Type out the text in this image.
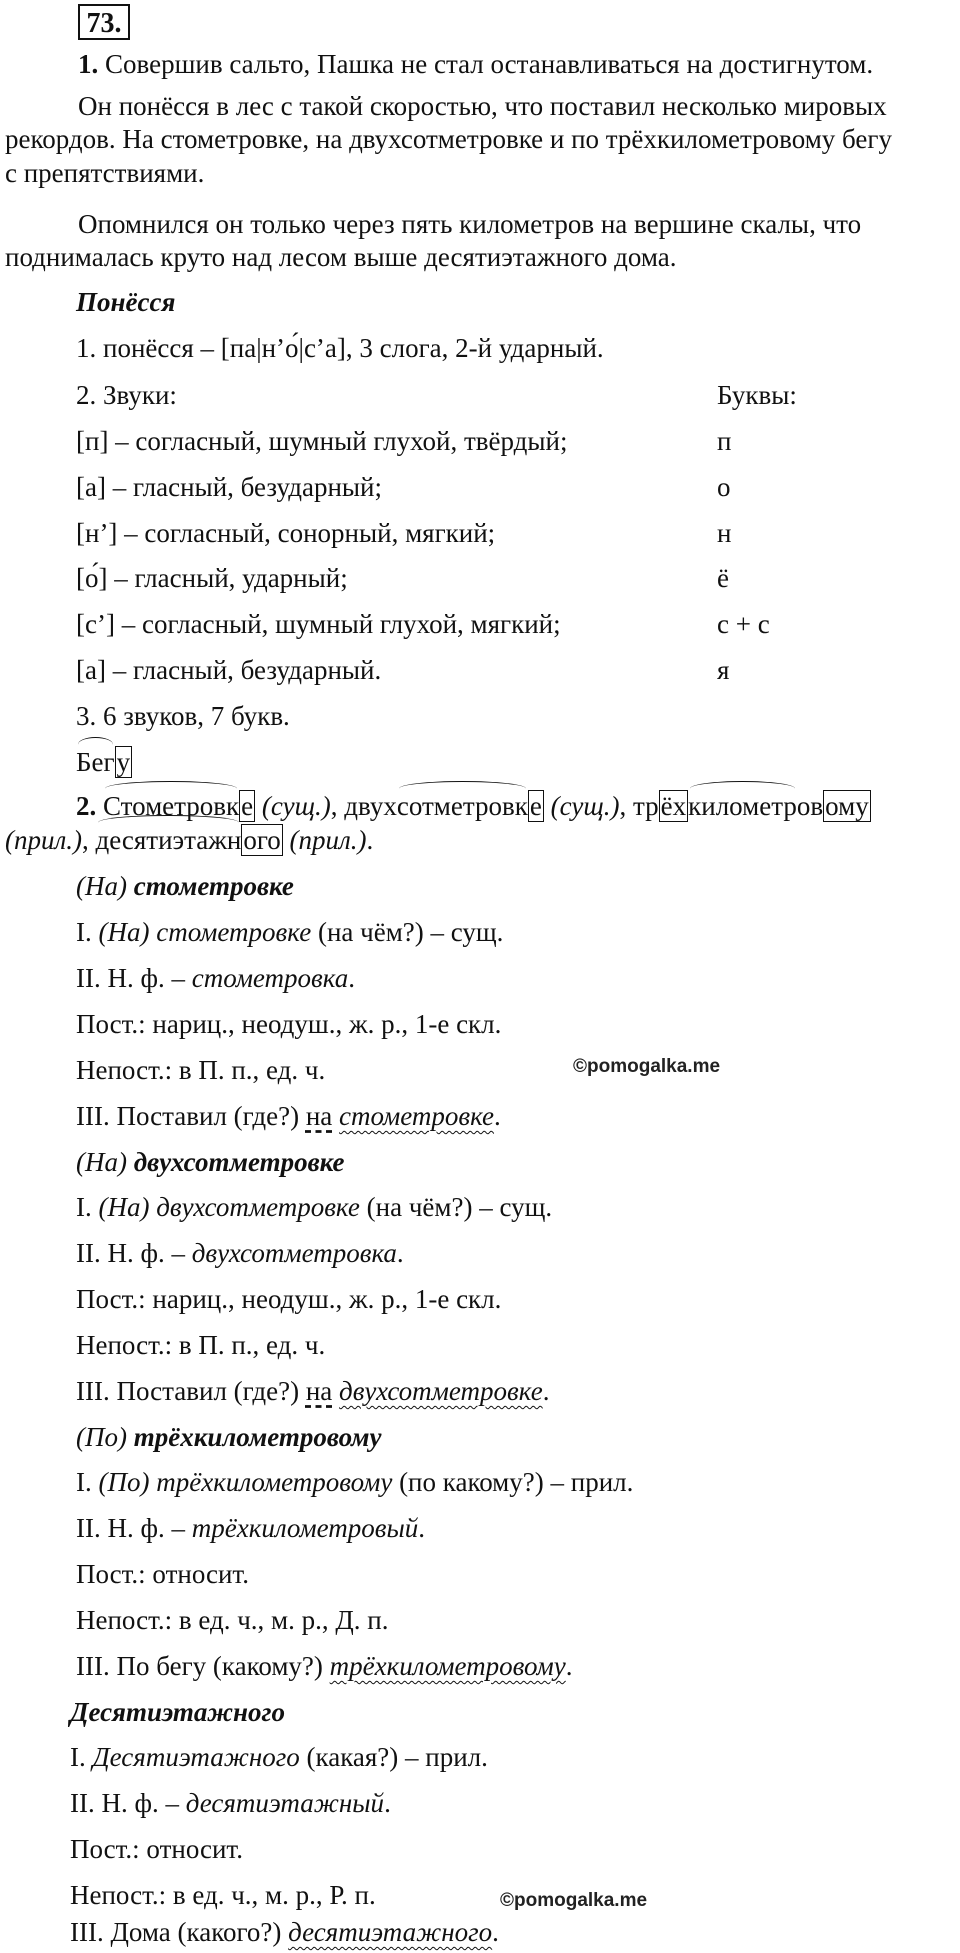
73.
1. Совершив сальто, Пашка не стал останавливаться на достигнутом.
Он понёсся в лес с такой скоростью, что поставил несколько мировых
рекордов. На стометровке, на двухсотметровке и по трёхкилометровому бегу
с препятствиями.
Опомнился он только через пять километров на вершине скалы, что
поднималась круто над лесом выше десятиэтажного дома.
Понёсся
1. понёсся – [па|н’о́|с’а], 3 слога, 2-й ударный.
2. Звуки:	Буквы:
[п] – согласный, шумный глухой, твёрдый;	п
[а] – гласный, безударный;	о
[н’] – согласный, сонорный, мягкий;	н
[о́] – гласный, ударный;	ё
[с’] – согласный, шумный глухой, мягкий;	с + с
[а] – гласный, безударный.	я
3. 6 звуков, 7 букв.
Бегу
2. Стометровке (сущ.), двухсотметровке (сущ.), трёхкилометровому
(прил.), десятиэтажного (прил.).
(На) стометровке
I. (На) стометровке (на чём?) – сущ.
II. Н. ф. – стометровка.
Пост.: нариц., неодуш., ж. р., 1-е скл.
Непост.: в П. п., ед. ч.	©pomogalka.me
III. Поставил (где?) на стометровке.
(На) двухсотметровке
I. (На) двухсотметровке (на чём?) – сущ.
II. Н. ф. – двухсотметровка.
Пост.: нариц., неодуш., ж. р., 1-е скл.
Непост.: в П. п., ед. ч.
III. Поставил (где?) на двухсотметровке.
(По) трёхкилометровому
I. (По) трёхкилометровому (по какому?) – прил.
II. Н. ф. – трёхкилометровый.
Пост.: относит.
Непост.: в ед. ч., м. р., Д. п.
III. По бегу (какому?) трёхкилометровому.
Десятиэтажного
I. Десятиэтажного (какая?) – прил.
II. Н. ф. – десятиэтажный.
Пост.: относит.
Непост.: в ед. ч., м. р., Р. п.	©pomogalka.me
III. Дома (какого?) десятиэтажного.
